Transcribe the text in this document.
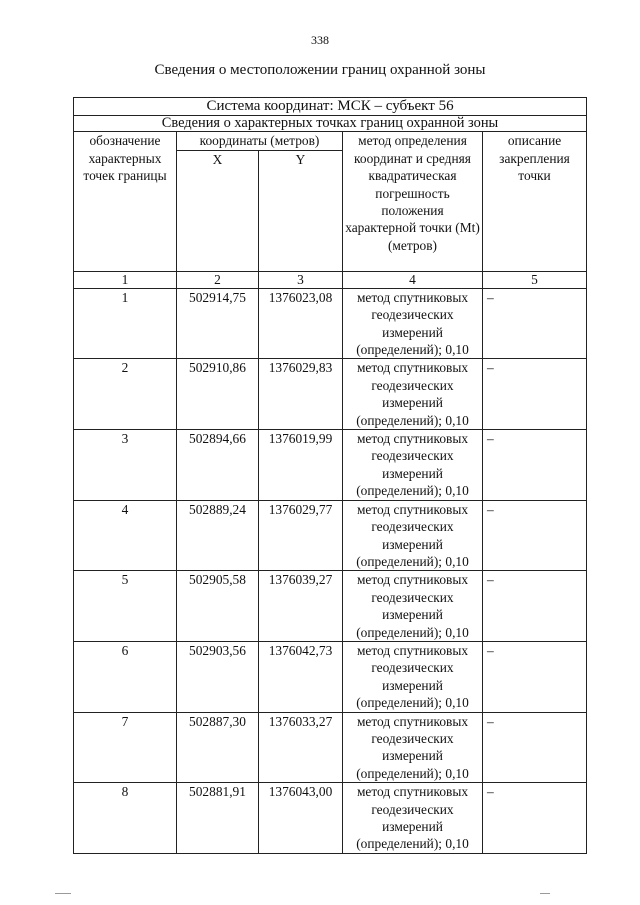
338
Сведения о местоположении границ охранной зоны
Система координат: МСК – субъект 56				
Сведения о характерных точках границ охранной зоны				
обозначение характерных точек границы	координаты (метров)		метод определения координат и средняя квадратическая погрешность положения характерной точки (Mt) (метров)	описание закрепления точки
	X	Y		
1	2	3	4	5
1	502914,75	1376023,08	метод спутниковых геодезических измерений (определений); 0,10	–
2	502910,86	1376029,83	метод спутниковых геодезических измерений (определений); 0,10	–
3	502894,66	1376019,99	метод спутниковых геодезических измерений (определений); 0,10	–
4	502889,24	1376029,77	метод спутниковых геодезических измерений (определений); 0,10	–
5	502905,58	1376039,27	метод спутниковых геодезических измерений (определений); 0,10	–
6	502903,56	1376042,73	метод спутниковых геодезических измерений (определений); 0,10	–
7	502887,30	1376033,27	метод спутниковых геодезических измерений (определений); 0,10	–
8	502881,91	1376043,00	метод спутниковых геодезических измерений (определений); 0,10	–
